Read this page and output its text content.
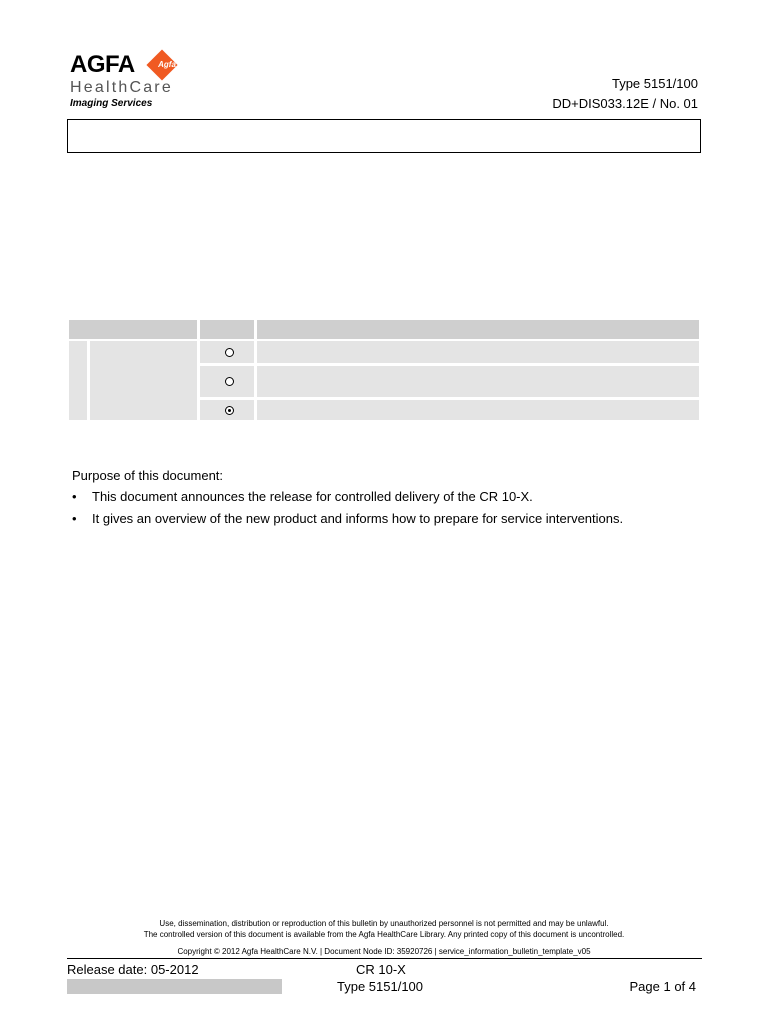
AGFA	Agfa
HealthCare
Imaging Services
Type 5151/100
DD+DIS033.12E / No. 01
Purpose of this document:
• This document announces the release for controlled delivery of the CR 10-X.
• It gives an overview of the new product and informs how to prepare for service interventions.
Use, dissemination, distribution or reproduction of this bulletin by unauthorized personnel is not permitted and may be unlawful.
The controlled version of this document is available from the Agfa HealthCare Library. Any printed copy of this document is uncontrolled.
Copyright © 2012 Agfa HealthCare N.V. | Document Node ID: 35920726 | service_information_bulletin_template_v05
Release date: 05-2012	CR 10-X
Type 5151/100	Page 1 of 4
